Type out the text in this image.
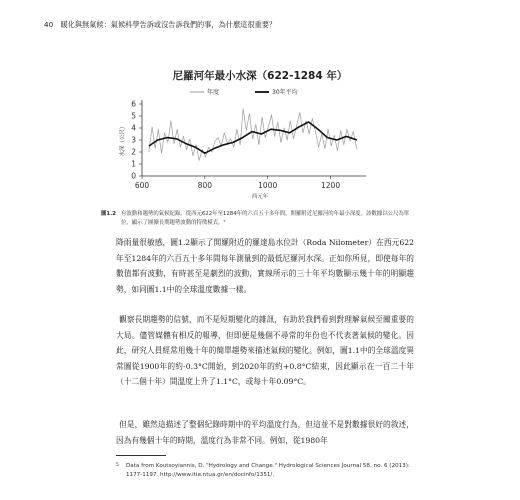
40 暖化與無氣候：氣候科學告訴或沒告訴我們的事，為什麼這很重要？
尼羅河年最小水深（622-1284 年）
0
1
2
3
4
5
6
600	800	1000	1200
西元年
水深（公尺）
年度	30年平均
圖1.2 有波動和趨勢的氣候紀錄。從西元622年至1284年的六百五十多年間，開羅附近尼羅河的年最小深度。該數據以公尺為單位，顯示了圖擴長期趨勢波動的特徵模式。⁵
降雨量很敏感，圖1.2顯示了開羅附近的羅達島水位計（Roda Nilometer）在西元622年至1284年的六百五十多年間每年測量到的最低尼羅河水深。正如你所見，即使每年的數值都有波動，有時甚至是劇烈的波動，實線所示的三十年平均數顯示幾十年的明顯趨勢，如同圖1.1中的全球溫度數據一樣。
觀察長期趨勢的信號，而不是短期變化的雜訊，有助於我們看到對理解氣候至關重要的大局。儘管媒體有相反的報導，但即便是幾個不尋常的年份也不代表著氣候的變化。因此，研究人員經常用幾十年的簡單趨勢來描述氣候的變化。例如，圖1.1中的全球溫度異常圖從1900年的約-0.3°C開始，到2020年的約+0.8°C結束，因此顯示在一百二十年（十二個十年）間溫度上升了1.1°C，或每十年0.09°C。
但是，雖然這描述了整個紀錄時期中的平均溫度行為，但這並不是對數據很好的敘述，因為有幾個十年的時期，溫度行為非常不同。例如，從1980年
5	Data from Koutsoyiannis, D. "Hydrology and Change." Hydrological Sciences Journal 58, no. 6 (2013): 1177-1197. http://www.itia.ntua.gr/en/docinfo/1351/.
